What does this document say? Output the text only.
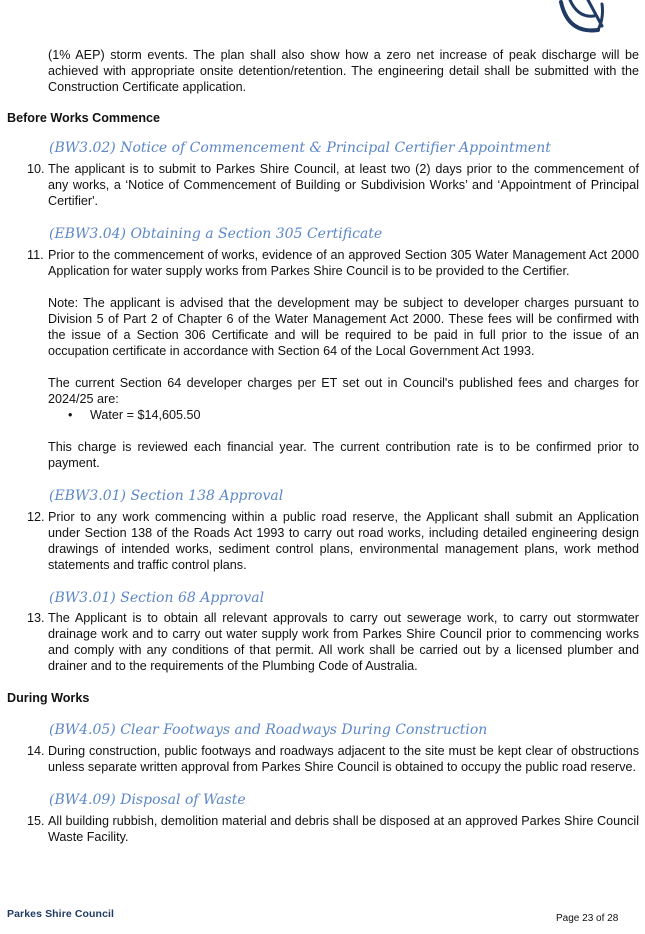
(1% AEP) storm events. The plan shall also show how a zero net increase of peak discharge will be achieved with appropriate onsite detention/retention. The engineering detail shall be submitted with the Construction Certificate application.

Before Works Commence

(BW3.02) Notice of Commencement & Principal Certifier Appointment

10. The applicant is to submit to Parkes Shire Council, at least two (2) days prior to the commencement of any works, a ‘Notice of Commencement of Building or Subdivision Works’ and ‘Appointment of Principal Certifier'.

(EBW3.04) Obtaining a Section 305 Certificate

11. Prior to the commencement of works, evidence of an approved Section 305 Water Management Act 2000 Application for water supply works from Parkes Shire Council is to be provided to the Certifier.

Note: The applicant is advised that the development may be subject to developer charges pursuant to Division 5 of Part 2 of Chapter 6 of the Water Management Act 2000. These fees will be confirmed with the issue of a Section 306 Certificate and will be required to be paid in full prior to the issue of an occupation certificate in accordance with Section 64 of the Local Government Act 1993.

The current Section 64 developer charges per ET set out in Council's published fees and charges for 2024/25 are:

• Water = $14,605.50

This charge is reviewed each financial year. The current contribution rate is to be confirmed prior to payment.

(EBW3.01) Section 138 Approval

12. Prior to any work commencing within a public road reserve, the Applicant shall submit an Application under Section 138 of the Roads Act 1993 to carry out road works, including detailed engineering design drawings of intended works, sediment control plans, environmental management plans, work method statements and traffic control plans.

(BW3.01) Section 68 Approval

13. The Applicant is to obtain all relevant approvals to carry out sewerage work, to carry out stormwater drainage work and to carry out water supply work from Parkes Shire Council prior to commencing works and comply with any conditions of that permit. All work shall be carried out by a licensed plumber and drainer and to the requirements of the Plumbing Code of Australia.

During Works

(BW4.05) Clear Footways and Roadways During Construction

14. During construction, public footways and roadways adjacent to the site must be kept clear of obstructions unless separate written approval from Parkes Shire Council is obtained to occupy the public road reserve.

(BW4.09) Disposal of Waste

15. All building rubbish, demolition material and debris shall be disposed at an approved Parkes Shire Council Waste Facility.

Parkes Shire Council	Page 23 of 28
